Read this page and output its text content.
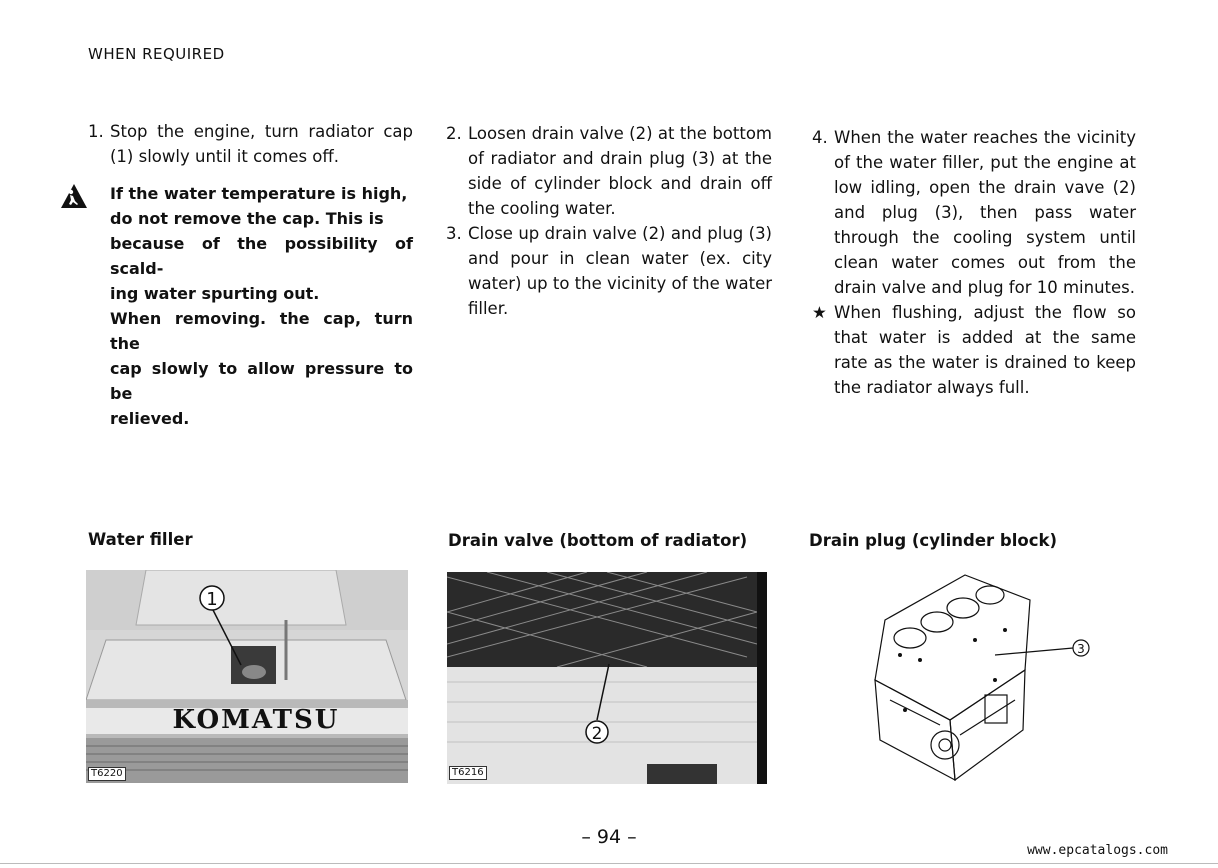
WHEN REQUIRED
1. Stop the engine, turn radiator cap (1) slowly until it comes off.
If the water temperature is high,
do not remove the cap. This is
because of the possibility of scald-
ing water spurting out.
When removing. the cap, turn the
cap slowly to allow pressure to be
relieved.
2. Loosen drain valve (2) at the bottom of radiator and drain plug (3) at the side of cylinder block and drain off the cooling water.
3. Close up drain valve (2) and plug (3) and pour in clean water (ex. city water) up to the vicinity of the water filler.
4. When the water reaches the vicinity of the water filler, put the engine at low idling, open the drain vave (2) and plug (3), then pass water through the cooling system until clean water comes out from the drain valve and plug for 10 minutes.
★ When flushing, adjust the flow so that water is added at the same rate as the water is drained to keep the radiator always full.
Water filler	Drain valve (bottom of radiator)	Drain plug (cylinder block)
1
KOMATSU
T6220
2
T6216
3
– 94 –
www.epcatalogs.com
